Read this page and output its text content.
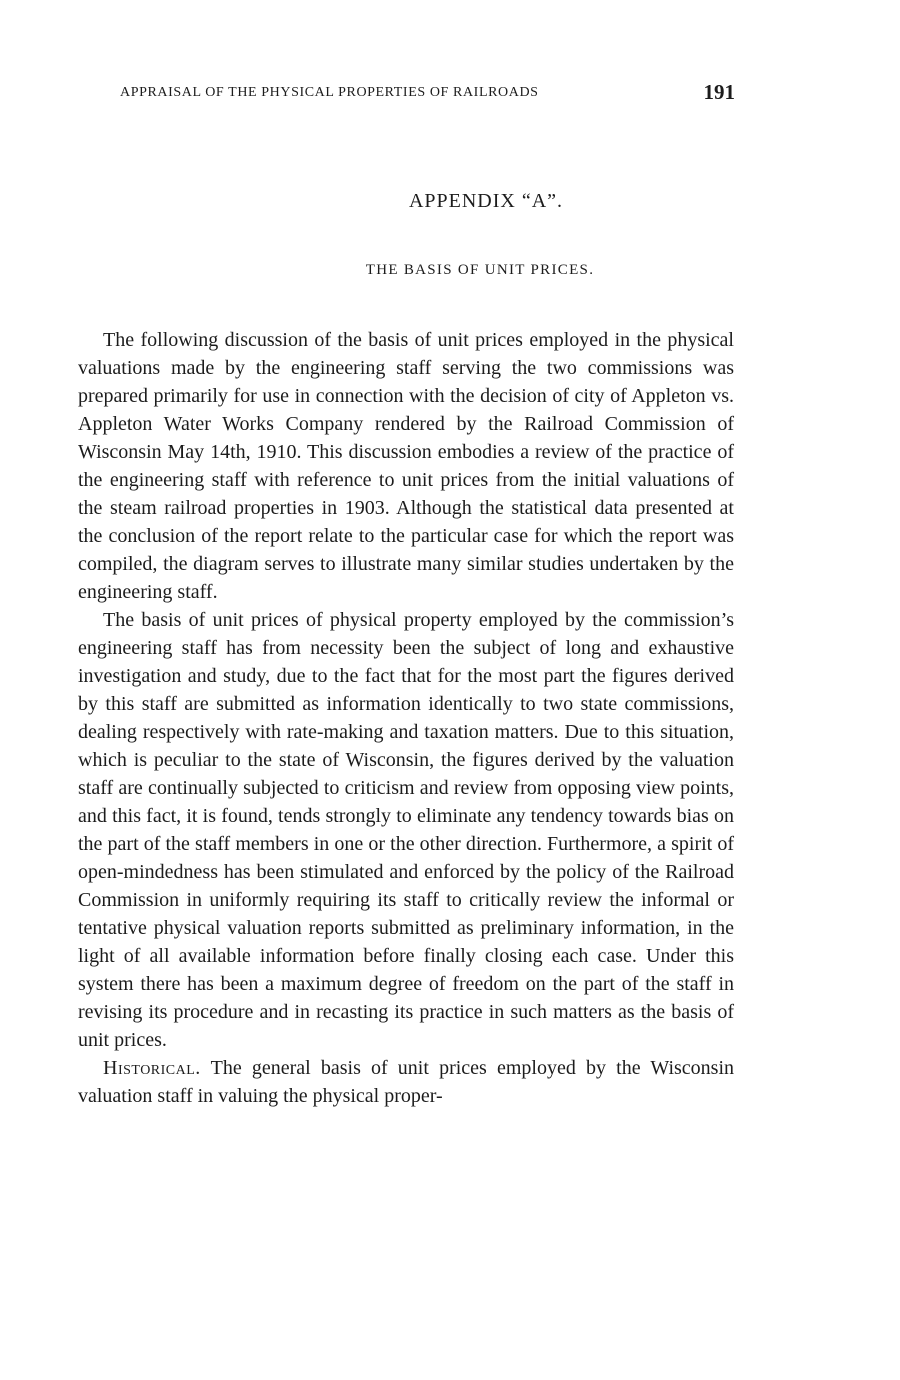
APPRAISAL OF THE PHYSICAL PROPERTIES OF RAILROADS	191
APPENDIX “A”.
THE BASIS OF UNIT PRICES.

The following discussion of the basis of unit prices employed in the physical valuations made by the engineering staff serving the two commissions was prepared primarily for use in connection with the decision of city of Appleton vs. Appleton Water Works Company rendered by the Railroad Commission of Wisconsin May 14th, 1910. This discussion embodies a review of the practice of the engineering staff with reference to unit prices from the initial valuations of the steam railroad properties in 1903. Although the statistical data presented at the conclusion of the report relate to the particular case for which the report was compiled, the diagram serves to illustrate many similar studies undertaken by the engineering staff.

The basis of unit prices of physical property employed by the commission’s engineering staff has from necessity been the subject of long and exhaustive investigation and study, due to the fact that for the most part the figures derived by this staff are submitted as information identically to two state commissions, dealing respectively with rate-making and taxation matters. Due to this situation, which is peculiar to the state of Wisconsin, the figures derived by the valuation staff are continually subjected to criticism and review from opposing view points, and this fact, it is found, tends strongly to eliminate any tendency towards bias on the part of the staff members in one or the other direction. Furthermore, a spirit of open-mindedness has been stimulated and enforced by the policy of the Railroad Commission in uniformly requiring its staff to critically review the informal or tentative physical valuation reports submitted as preliminary information, in the light of all available information before finally closing each case. Under this system there has been a maximum degree of freedom on the part of the staff in revising its procedure and in recasting its practice in such matters as the basis of unit prices.

Historical. The general basis of unit prices employed by the Wisconsin valuation staff in valuing the physical proper-
